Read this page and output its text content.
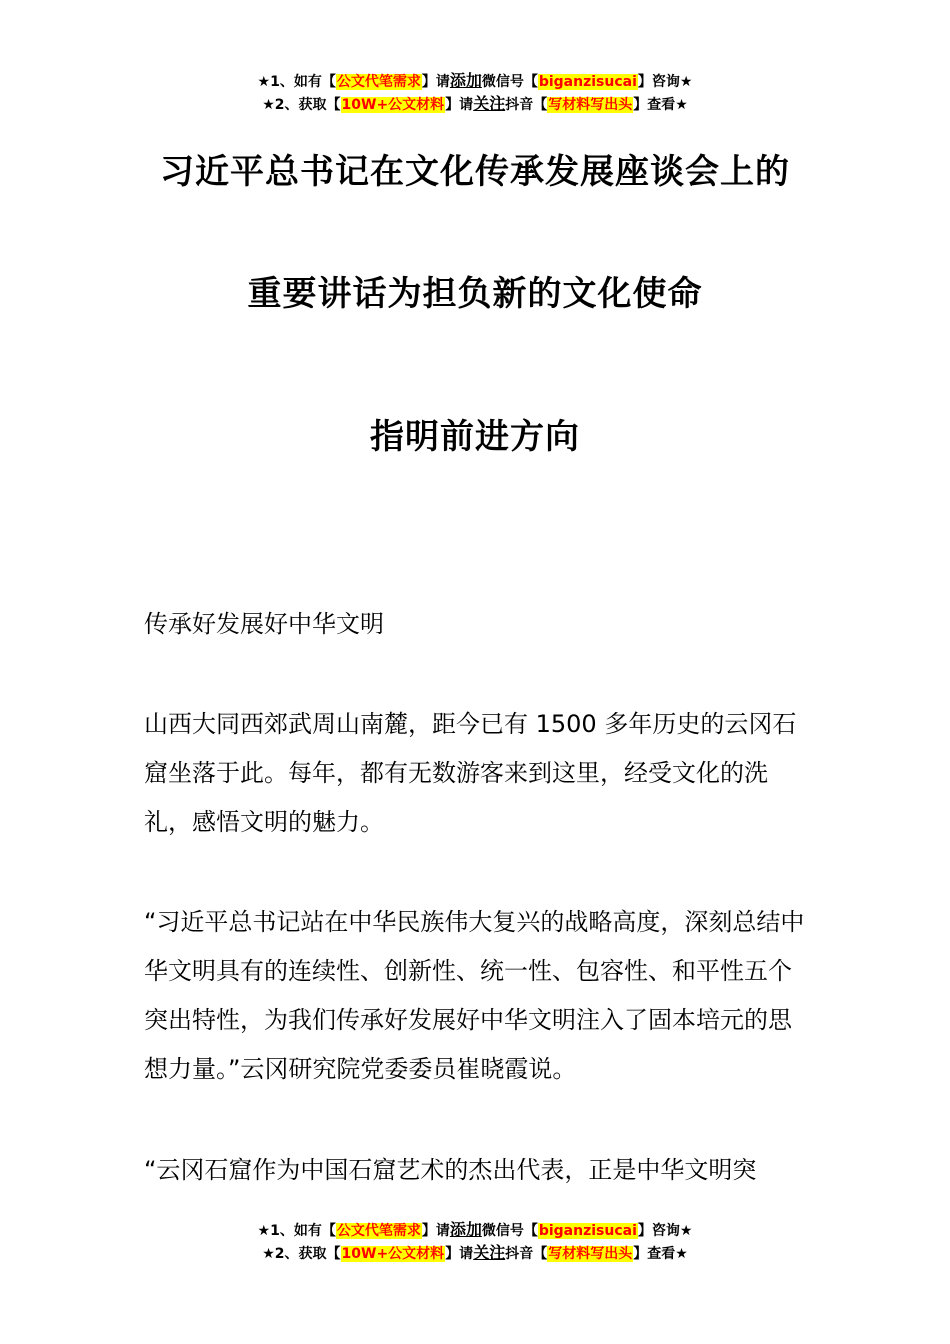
★1、如有【公文代笔需求】请添加微信号【biganzisucai】咨询★
★2、获取【10W+公文材料】请关注抖音【写材料写出头】查看★
习近平总书记在文化传承发展座谈会上的
重要讲话为担负新的文化使命
指明前进方向
传承好发展好中华文明
山西大同西郊武周山南麓，距今已有 1500 多年历史的云冈石窟坐落于此。每年，都有无数游客来到这里，经受文化的洗礼，感悟文明的魅力。
“习近平总书记站在中华民族伟大复兴的战略高度，深刻总结中华文明具有的连续性、创新性、统一性、包容性、和平性五个突出特性，为我们传承好发展好中华文明注入了固本培元的思想力量。”云冈研究院党委委员崔晓霞说。
“云冈石窟作为中国石窟艺术的杰出代表，正是中华文明突
★1、如有【公文代笔需求】请添加微信号【biganzisucai】咨询★
★2、获取【10W+公文材料】请关注抖音【写材料写出头】查看★
